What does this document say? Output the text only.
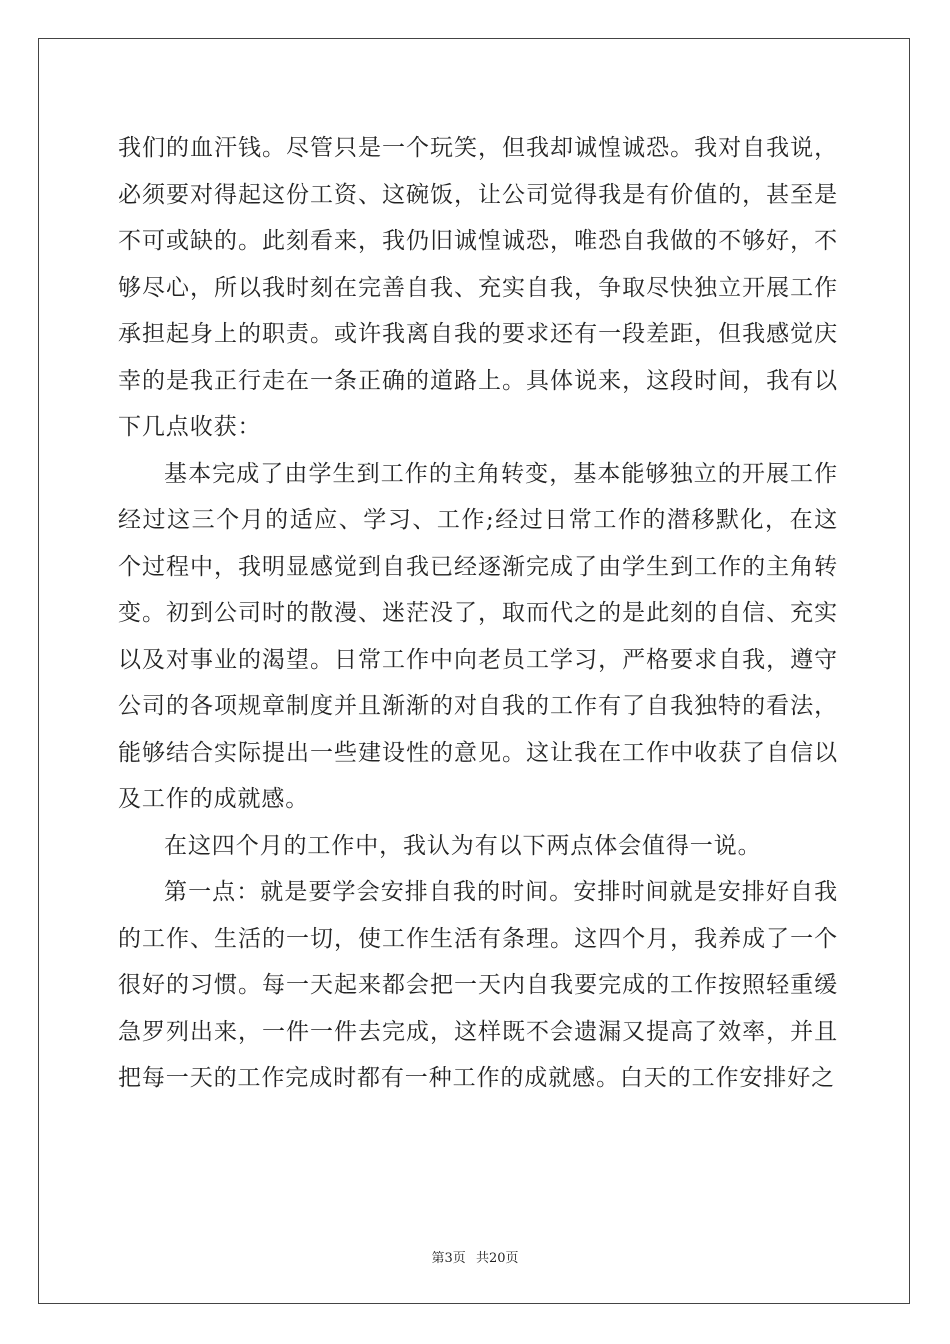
我们的血汗钱。尽管只是一个玩笑，但我却诚惶诚恐。我对自我说，必须要对得起这份工资、这碗饭，让公司觉得我是有价值的，甚至是不可或缺的。此刻看来，我仍旧诚惶诚恐，唯恐自我做的不够好，不够尽心，所以我时刻在完善自我、充实自我，争取尽快独立开展工作承担起身上的职责。或许我离自我的要求还有一段差距，但我感觉庆幸的是我正行走在一条正确的道路上。具体说来，这段时间，我有以下几点收获：

基本完成了由学生到工作的主角转变，基本能够独立的开展工作经过这三个月的适应、学习、工作;经过日常工作的潜移默化，在这个过程中，我明显感觉到自我已经逐渐完成了由学生到工作的主角转变。初到公司时的散漫、迷茫没了，取而代之的是此刻的自信、充实以及对事业的渴望。日常工作中向老员工学习，严格要求自我，遵守公司的各项规章制度并且渐渐的对自我的工作有了自我独特的看法，能够结合实际提出一些建设性的意见。这让我在工作中收获了自信以及工作的成就感。

在这四个月的工作中，我认为有以下两点体会值得一说。

第一点：就是要学会安排自我的时间。安排时间就是安排好自我的工作、生活的一切，使工作生活有条理。这四个月，我养成了一个很好的习惯。每一天起来都会把一天内自我要完成的工作按照轻重缓急罗列出来，一件一件去完成，这样既不会遗漏又提高了效率，并且把每一天的工作完成时都有一种工作的成就感。白天的工作安排好之

第3页 共20页
